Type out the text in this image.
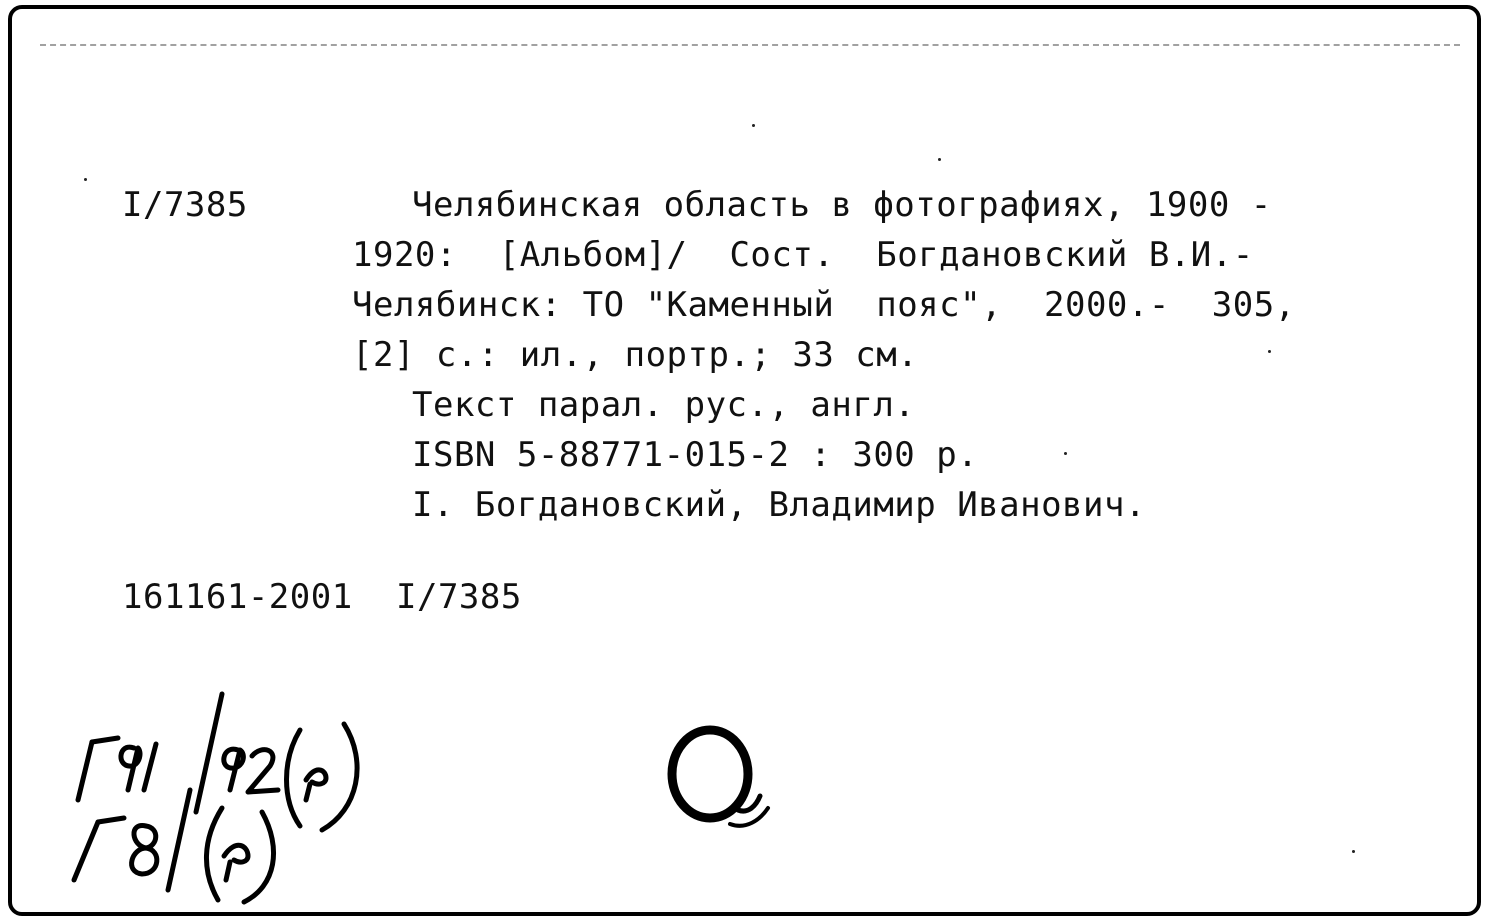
I/7385	Челябинская область в фотографиях, 1900 -
1920:  [Альбом]/  Сост.  Богдановский В.И.-
Челябинск: ТО "Каменный  пояс",  2000.-  305,
[2] с.: ил., портр.; 33 см.
Текст парал. рус., англ.
ISBN 5-88771-015-2 : 300 р.
I. Богдановский, Владимир Иванович.
161161-2001 I/7385
